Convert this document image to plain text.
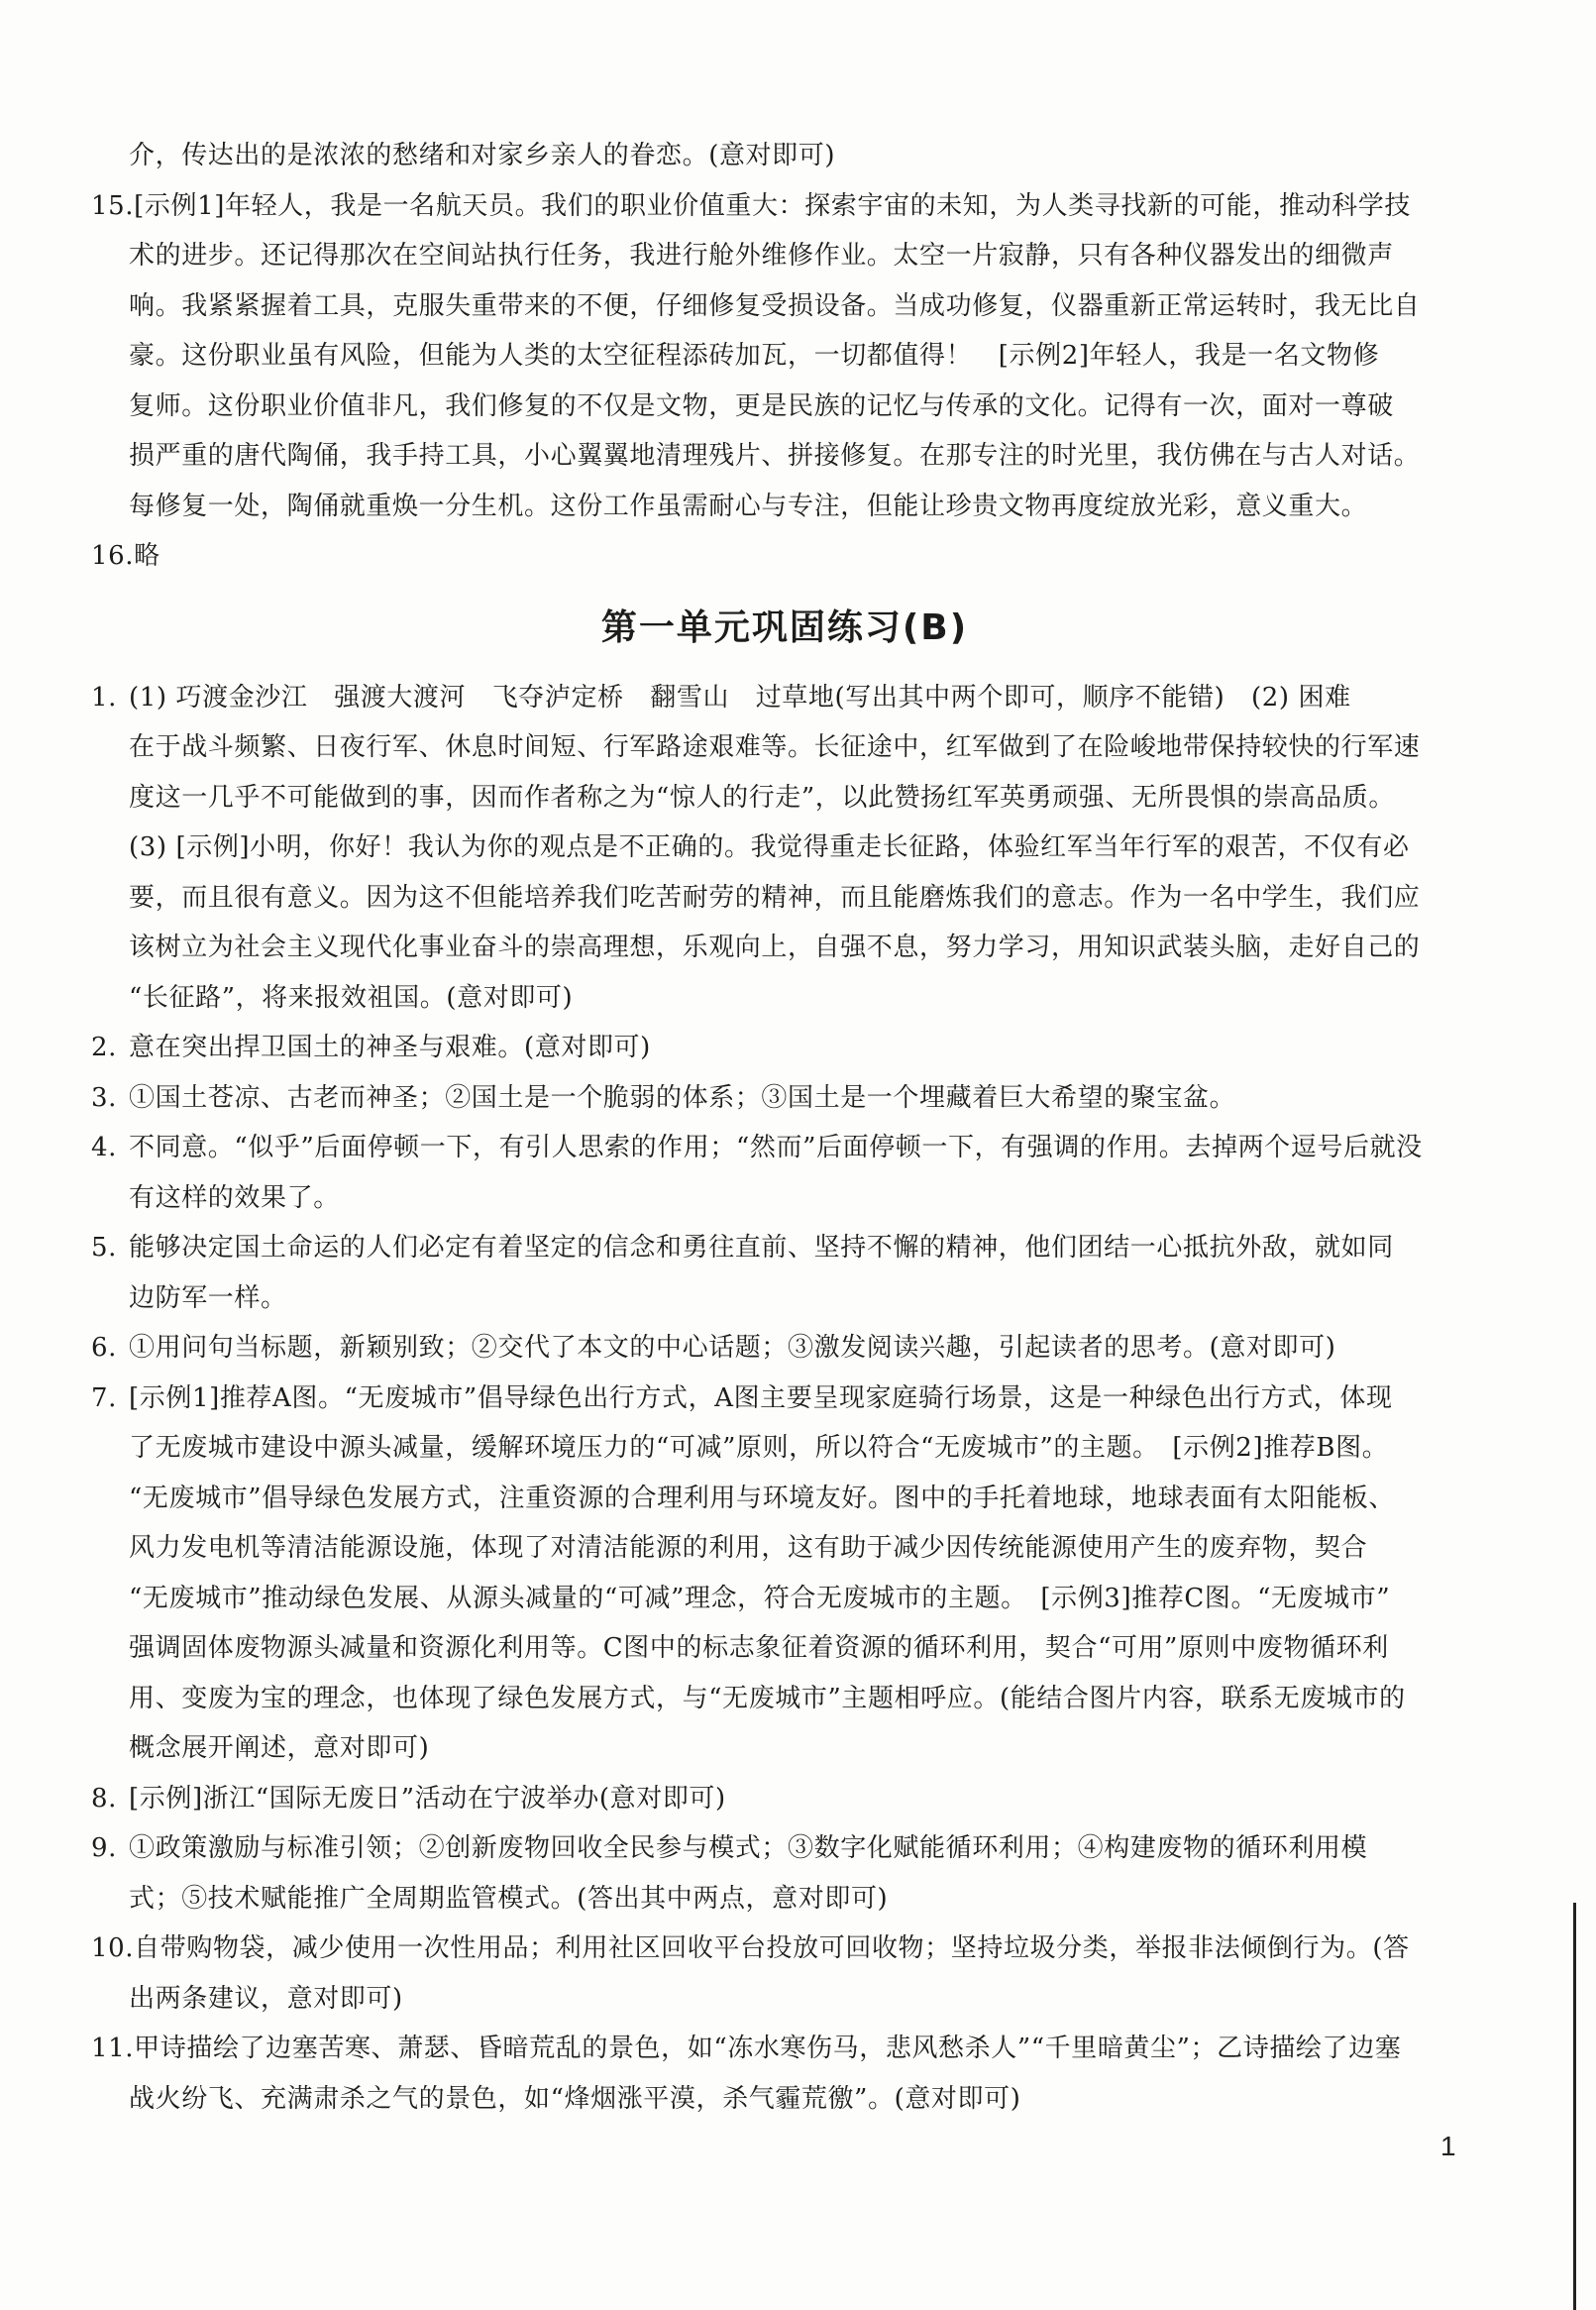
介，传达出的是浓浓的愁绪和对家乡亲人的眷恋。(意对即可)
15.[示例1]年轻人，我是一名航天员。我们的职业价值重大：探索宇宙的未知，为人类寻找新的可能，推动科学技
术的进步。还记得那次在空间站执行任务，我进行舱外维修作业。太空一片寂静，只有各种仪器发出的细微声
响。我紧紧握着工具，克服失重带来的不便，仔细修复受损设备。当成功修复，仪器重新正常运转时，我无比自
豪。这份职业虽有风险，但能为人类的太空征程添砖加瓦，一切都值得！　[示例2]年轻人，我是一名文物修
复师。这份职业价值非凡，我们修复的不仅是文物，更是民族的记忆与传承的文化。记得有一次，面对一尊破
损严重的唐代陶俑，我手持工具，小心翼翼地清理残片、拼接修复。在那专注的时光里，我仿佛在与古人对话。
每修复一处，陶俑就重焕一分生机。这份工作虽需耐心与专注，但能让珍贵文物再度绽放光彩，意义重大。
16.略
第一单元巩固练习(B)
1. (1) 巧渡金沙江　强渡大渡河　飞夺泸定桥　翻雪山　过草地(写出其中两个即可，顺序不能错)　(2) 困难
在于战斗频繁、日夜行军、休息时间短、行军路途艰难等。长征途中，红军做到了在险峻地带保持较快的行军速
度这一几乎不可能做到的事，因而作者称之为“惊人的行走”，以此赞扬红军英勇顽强、无所畏惧的崇高品质。
(3) [示例]小明，你好！我认为你的观点是不正确的。我觉得重走长征路，体验红军当年行军的艰苦，不仅有必
要，而且很有意义。因为这不但能培养我们吃苦耐劳的精神，而且能磨炼我们的意志。作为一名中学生，我们应
该树立为社会主义现代化事业奋斗的崇高理想，乐观向上，自强不息，努力学习，用知识武装头脑，走好自己的
“长征路”，将来报效祖国。(意对即可)
2. 意在突出捍卫国土的神圣与艰难。(意对即可)
3. ①国土苍凉、古老而神圣；②国土是一个脆弱的体系；③国土是一个埋藏着巨大希望的聚宝盆。
4. 不同意。“似乎”后面停顿一下，有引人思索的作用；“然而”后面停顿一下，有强调的作用。去掉两个逗号后就没
有这样的效果了。
5. 能够决定国土命运的人们必定有着坚定的信念和勇往直前、坚持不懈的精神，他们团结一心抵抗外敌，就如同
边防军一样。
6. ①用问句当标题，新颖别致；②交代了本文的中心话题；③激发阅读兴趣，引起读者的思考。(意对即可)
7. [示例1]推荐A图。“无废城市”倡导绿色出行方式，A图主要呈现家庭骑行场景，这是一种绿色出行方式，体现
了无废城市建设中源头减量，缓解环境压力的“可减”原则，所以符合“无废城市”的主题。　[示例2]推荐B图。
“无废城市”倡导绿色发展方式，注重资源的合理利用与环境友好。图中的手托着地球，地球表面有太阳能板、
风力发电机等清洁能源设施，体现了对清洁能源的利用，这有助于减少因传统能源使用产生的废弃物，契合
“无废城市”推动绿色发展、从源头减量的“可减”理念，符合无废城市的主题。　[示例3]推荐C图。“无废城市”
强调固体废物源头减量和资源化利用等。C图中的标志象征着资源的循环利用，契合“可用”原则中废物循环利
用、变废为宝的理念，也体现了绿色发展方式，与“无废城市”主题相呼应。(能结合图片内容，联系无废城市的
概念展开阐述，意对即可)
8. [示例]浙江“国际无废日”活动在宁波举办(意对即可)
9. ①政策激励与标准引领；②创新废物回收全民参与模式；③数字化赋能循环利用；④构建废物的循环利用模
式；⑤技术赋能推广全周期监管模式。(答出其中两点，意对即可)
10.自带购物袋，减少使用一次性用品；利用社区回收平台投放可回收物；坚持垃圾分类，举报非法倾倒行为。(答
出两条建议，意对即可)
11.甲诗描绘了边塞苦寒、萧瑟、昏暗荒乱的景色，如“冻水寒伤马，悲风愁杀人”“千里暗黄尘”；乙诗描绘了边塞
战火纷飞、充满肃杀之气的景色，如“烽烟涨平漠，杀气霾荒徼”。(意对即可)
1
